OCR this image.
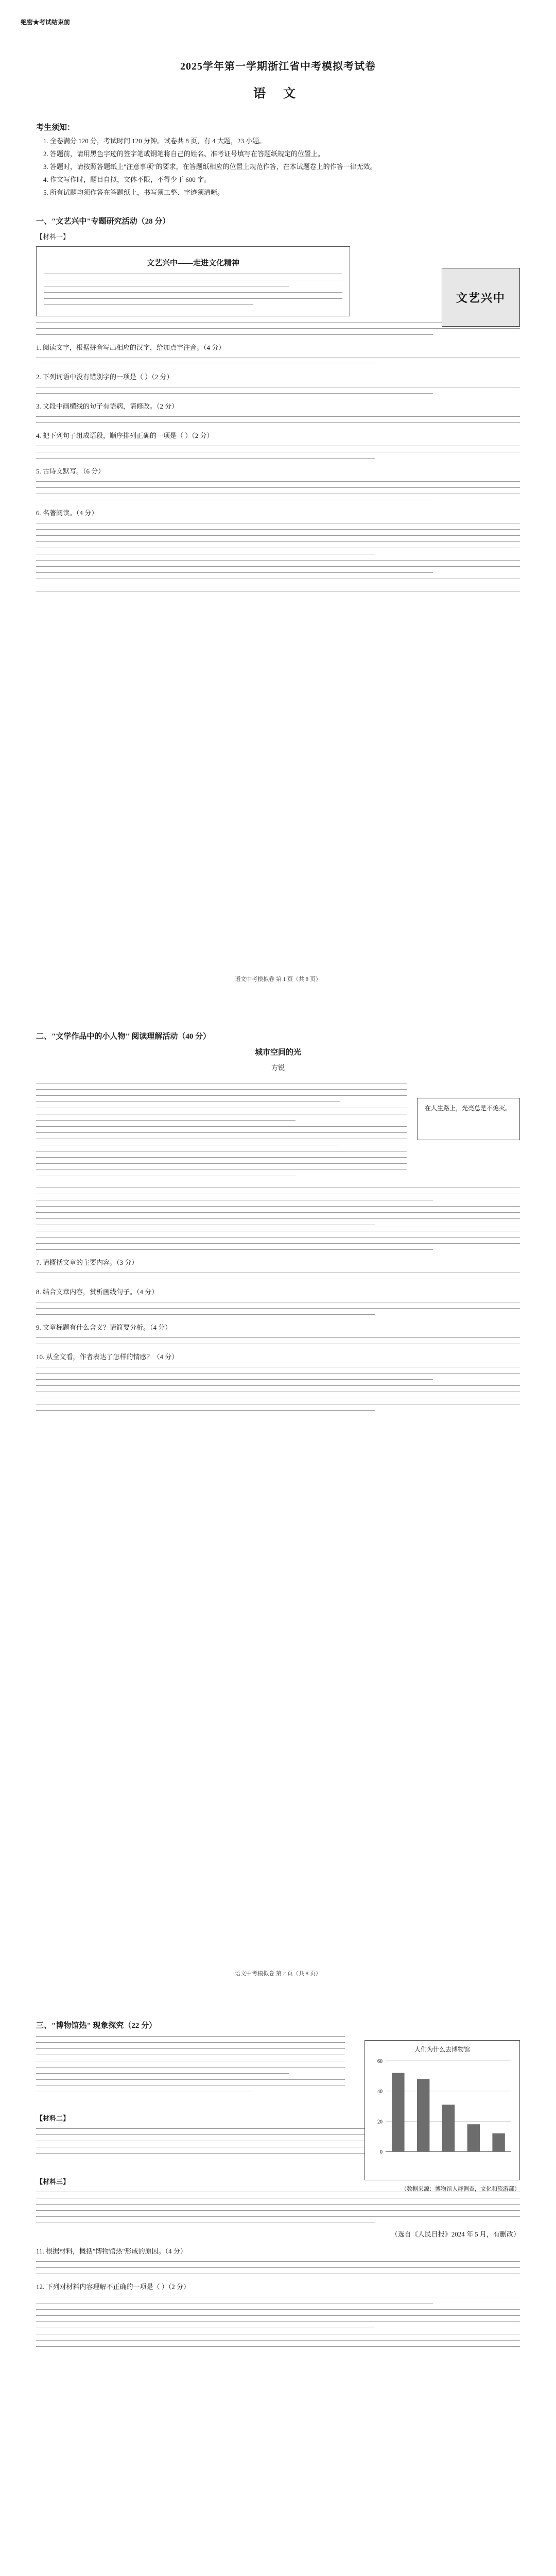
绝密★考试结束前
2025学年第一学期浙江省中考模拟考试卷
语 文
考生须知：
1. 全卷满分 120 分，考试时间 120 分钟。试卷共 8 页，有 4 大题，23 小题。
2. 答题前，请用黑色字迹的签字笔或钢笔将自己的姓名、准考证号填写在答题纸规定的位置上。
3. 答题时，请按照答题纸上"注意事项"的要求，在答题纸相应的位置上规范作答，在本试题卷上的作答一律无效。
4. 作文写作时，题目自拟，文体不限，不得少于 600 字。
5. 所有试题均须作答在答题纸上，书写须工整、字迹须清晰。
一、"文艺兴中"专题研究活动（28 分）
【材料一】
文艺兴中——走进文化精神
文艺兴中
1. 阅读文字，根据拼音写出相应的汉字，给加点字注音。（4 分）
2. 下列词语中没有错别字的一项是（ ）（2 分）
3. 文段中画横线的句子有语病，请修改。（2 分）
4. 把下列句子组成语段，顺序排列正确的一项是（ ）（2 分）
5. 古诗文默写。（6 分）
6. 名著阅读。（4 分）
语文中考模拟卷 第 1 页（共 8 页）
二、"文学作品中的小人物" 阅读理解活动（40 分）
城市空间的光
方锐
在人生路上，光亮总是不熄灭。
7. 请概括文章的主要内容。（3 分）
8. 结合文章内容，赏析画线句子。（4 分）
9. 文章标题有什么含义？请简要分析。（4 分）
10. 从全文看，作者表达了怎样的情感？（4 分）
语文中考模拟卷 第 2 页（共 8 页）
三、"博物馆热" 现象探究（22 分）
人们为什么去博物馆
0
20
40
60
（数据来源：博物馆人群调查，文化和旅游部）
【材料二】
【材料三】
（选自《人民日报》2024 年 5 月，有删改）
11. 根据材料，概括"博物馆热"形成的原因。（4 分）
12. 下列对材料内容理解不正确的一项是（ ）（2 分）
